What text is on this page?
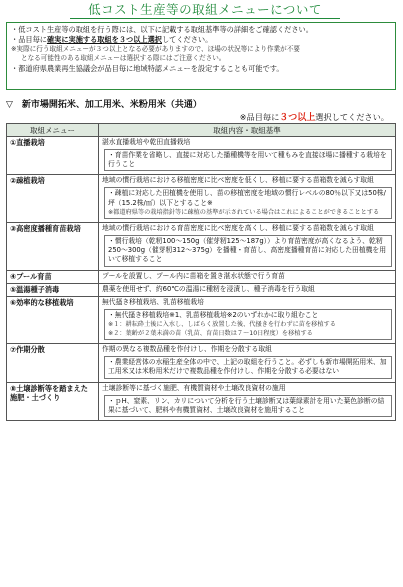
低コスト生産等の取組メニューについて
・低コスト生産等の取組を行う際には、以下に記載する取組基準等の詳細をご確認ください。
・品目毎に確実に実施する取組を３つ以上選択してください。
※実際に行う取組メニューが３つ以上となる必要がありますので、ほ場の状況等により作業が不要
となる可能性のある取組メニューは選択する際にはご注意ください。
・都道府県農業再生協議会が品目毎に地域特認メニューを設定することも可能です。
▽　新市場開拓米、加工用米、米粉用米（共通）
※品目毎に３つ以上選択してください。
取組メニュー	取組内容・取組基準
①直播栽培	湛水直播栽培や乾田直播栽培
・育苗作業を省略し、直接に対応した播種機等を用いて種もみを直接ほ場に播種する栽培を行うこと

②疎植栽培	地域の慣行栽培における移植密度に比べ密度を低くし、移植に要する苗箱数を減らす取組
・疎植に対応した田植機を使用し、苗の移植密度を地域の慣行レベルの80％以下又は50株/坪（15.2株/㎡）以下とすること※
※都道府県等の栽培指針等に疎植の基準が示されている場合はこれによることができることとする

③高密度播種育苗栽培	地域の慣行栽培における育苗密度に比べ密度を高くし、移植に要する苗箱数を減らす取組
・慣行栽培（乾籾100～150g（催芽籾125～187g））より育苗密度が高くなるよう、乾籾250～300g（催芽籾312～375g）を播種・育苗し、高密度播種育苗に対応した田植機を用いて移植すること

④プール育苗	プールを設置し、プール内に苗箱を置き湛水状態で行う育苗

⑤温湯種子消毒	農薬を使用せず、約60℃の温湯に種籾を浸漬し、種子消毒を行う取組

⑥効率的な移植栽培	無代搔き移植栽培、乳苗移植栽培
・無代搔き移植栽培※1、乳苗移植栽培※2のいずれかに取り組むこと
※１：耕耘砕土後に入水し、しばらく放置した後、代搔きを行わずに苗を移植する
※２：葉齢が２葉未満の苗（乳苗、育苗日数は７～10日程度）を移植する

⑦作期分散	作期の異なる複数品種を作付けし、作期を分散する取組
・農業経営体の水稲生産全体の中で、上記の取組を行うこと。必ずしも新市場開拓用米、加工用米又は米粉用米だけで複数品種を作付けし、作期を分散する必要はない

⑧土壌診断等を踏まえた施肥・土づくり	土壌診断等に基づく施肥、有機質資材や土壌改良資材の施用
・ｐH、窒素、リン、カリについて分析を行う土壌診断又は葉緑素計を用いた葉色診断の結果に基づいて、肥料や有機質資材、土壌改良資材を施用すること
